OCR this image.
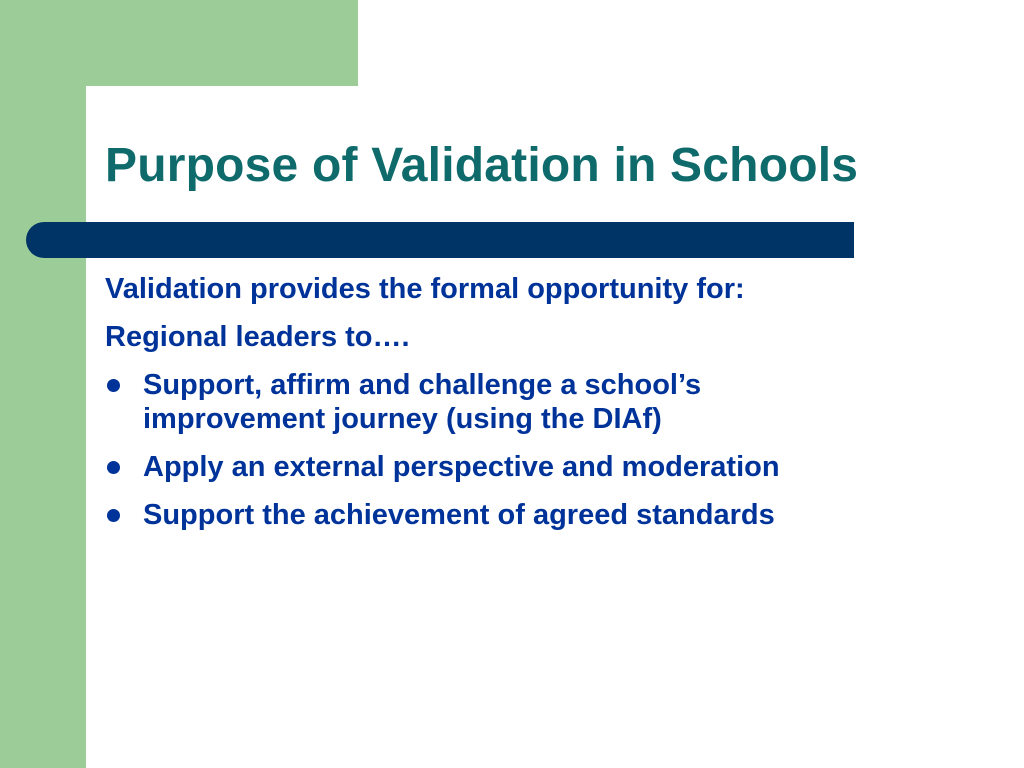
Purpose of Validation in Schools

Validation provides the formal opportunity for:

Regional leaders to….

Support, affirm and challenge a school’s
improvement journey (using the DIAf)
Apply an external perspective and moderation
Support the achievement of agreed standards
